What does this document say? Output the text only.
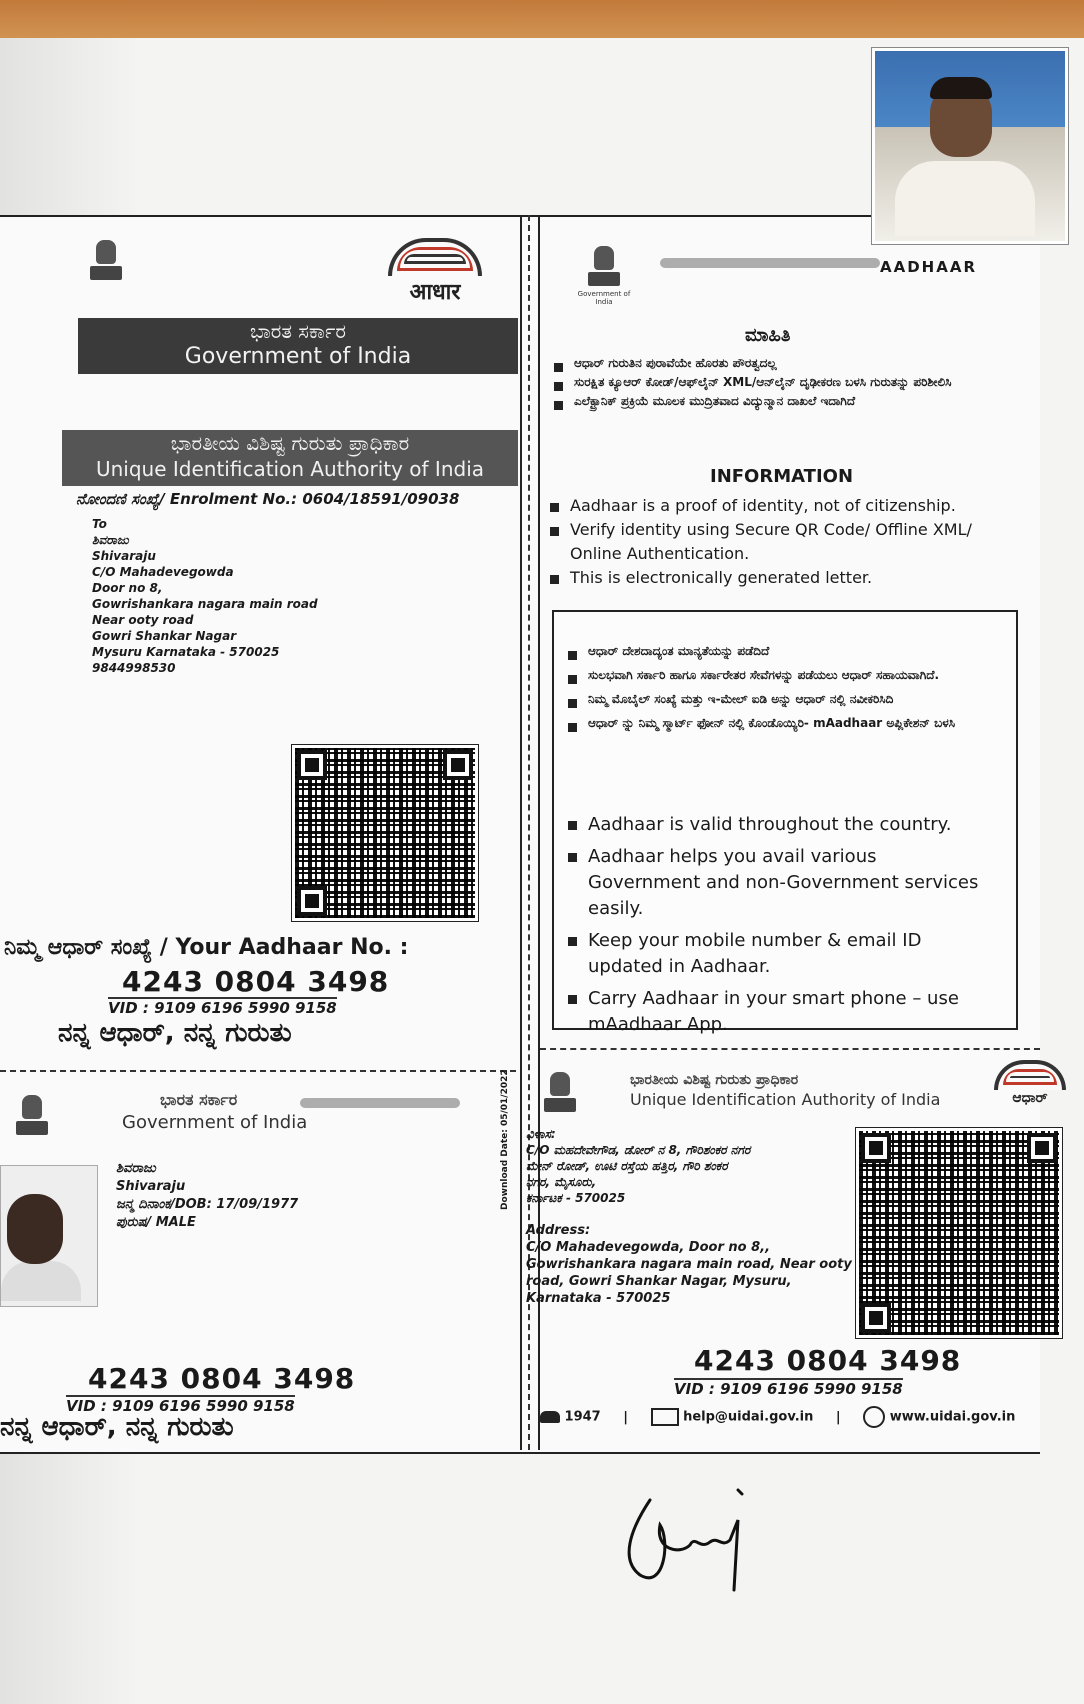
आधार
ಭಾರತ ಸರ್ಕಾರ
Government of India
ಭಾರತೀಯ ವಿಶಿಷ್ಟ ಗುರುತು ಪ್ರಾಧಿಕಾರ
Unique Identification Authority of India
ನೋಂದಣಿ ಸಂಖ್ಯೆ/ Enrolment No.: 0604/18591/09038
To
ಶಿವರಾಜು
Shivaraju
C/O Mahadevegowda
Door no 8,
Gowrishankara nagara main road
Near ooty road
Gowri Shankar Nagar
Mysuru Karnataka - 570025
9844998530
ನಿಮ್ಮ ಆಧಾರ್ ಸಂಖ್ಯೆ / Your Aadhaar No. :
4243 0804 3498
VID : 9109 6196 5990 9158
ನನ್ನ ಆಧಾರ್, ನನ್ನ ಗುರುತು
Government of India
AADHAAR
ಮಾಹಿತಿ
ಆಧಾರ್ ಗುರುತಿನ ಪುರಾವೆಯೇ ಹೊರತು ಪೌರತ್ವದಲ್ಲ
ಸುರಕ್ಷಿತ ಕ್ಯೂಆರ್ ಕೋಡ್/ಆಫ್‌ಲೈನ್ XML/ಆನ್‌ಲೈನ್ ದೃಢೀಕರಣ ಬಳಸಿ ಗುರುತನ್ನು ಪರಿಶೀಲಿಸಿ
ಎಲೆಕ್ಟ್ರಾನಿಕ್ ಪ್ರಕ್ರಿಯೆ ಮೂಲಕ ಮುದ್ರಿತವಾದ ವಿದ್ಯುನ್ಮಾನ ದಾಖಲೆ ಇದಾಗಿದೆ
INFORMATION
Aadhaar is a proof of identity, not of citizenship.
Verify identity using Secure QR Code/ Offline XML/ Online Authentication.
This is electronically generated letter.
ಆಧಾರ್ ದೇಶದಾದ್ಯಂತ ಮಾನ್ಯತೆಯನ್ನು ಪಡೆದಿದೆ
ಸುಲಭವಾಗಿ ಸರ್ಕಾರಿ ಹಾಗೂ ಸರ್ಕಾರೇತರ ಸೇವೆಗಳನ್ನು ಪಡೆಯಲು ಆಧಾರ್ ಸಹಾಯವಾಗಿದೆ.
ನಿಮ್ಮ ಮೊಬೈಲ್ ಸಂಖ್ಯೆ ಮತ್ತು ಇ-ಮೇಲ್ ಐಡಿ ಅನ್ನು ಆಧಾರ್ ನಲ್ಲಿ ನವೀಕರಿಸಿದಿ
ಆಧಾರ್ ನ್ನು ನಿಮ್ಮ ಸ್ಮಾರ್ಟ್ ಫೋನ್ ನಲ್ಲಿ ಕೊಂಡೊಯ್ಯಿರಿ- mAadhaar ಅಪ್ಲಿಕೇಶನ್ ಬಳಸಿ
Aadhaar is valid throughout the country.
Aadhaar helps you avail various Government and non-Government services easily.
Keep your mobile number & email ID updated in Aadhaar.
Carry Aadhaar in your smart phone – use mAadhaar App.
ಭಾರತ ಸರ್ಕಾರ
Government of India
ಶಿವರಾಜು
Shivaraju
ಜನ್ಮ ದಿನಾಂಕ/DOB: 17/09/1977
ಪುರುಷ/ MALE
4243 0804 3498
VID : 9109 6196 5990 9158
ನನ್ನ ಆಧಾರ್, ನನ್ನ ಗುರುತು
ಭಾರತೀಯ ವಿಶಿಷ್ಟ ಗುರುತು ಪ್ರಾಧಿಕಾರ
Unique Identification Authority of India	ಆಧಾರ್
Download Date: 05/01/2022 ವಿಳಾಸ:
C/O ಮಹದೇವೇಗೌಡ, ಡೋರ್ ನ 8, ಗೌರಿಶಂಕರ ನಗರ
ಮೇನ್ ರೋಡ್, ಊಟಿ ರಸ್ತೆಯ ಹತ್ತಿರ, ಗೌರಿ ಶಂಕರ
ನಗರ, ಮೈಸೂರು,
ಕರ್ನಾಟಕ - 570025
Address:
C/O Mahadevegowda, Door no 8,,
Gowrishankara nagara main road, Near ooty
road, Gowri Shankar Nagar, Mysuru,
Karnataka - 570025
4243 0804 3498
VID : 9109 6196 5990 9158
1947 |	help@uidai.gov.in |	www.uidai.gov.in
